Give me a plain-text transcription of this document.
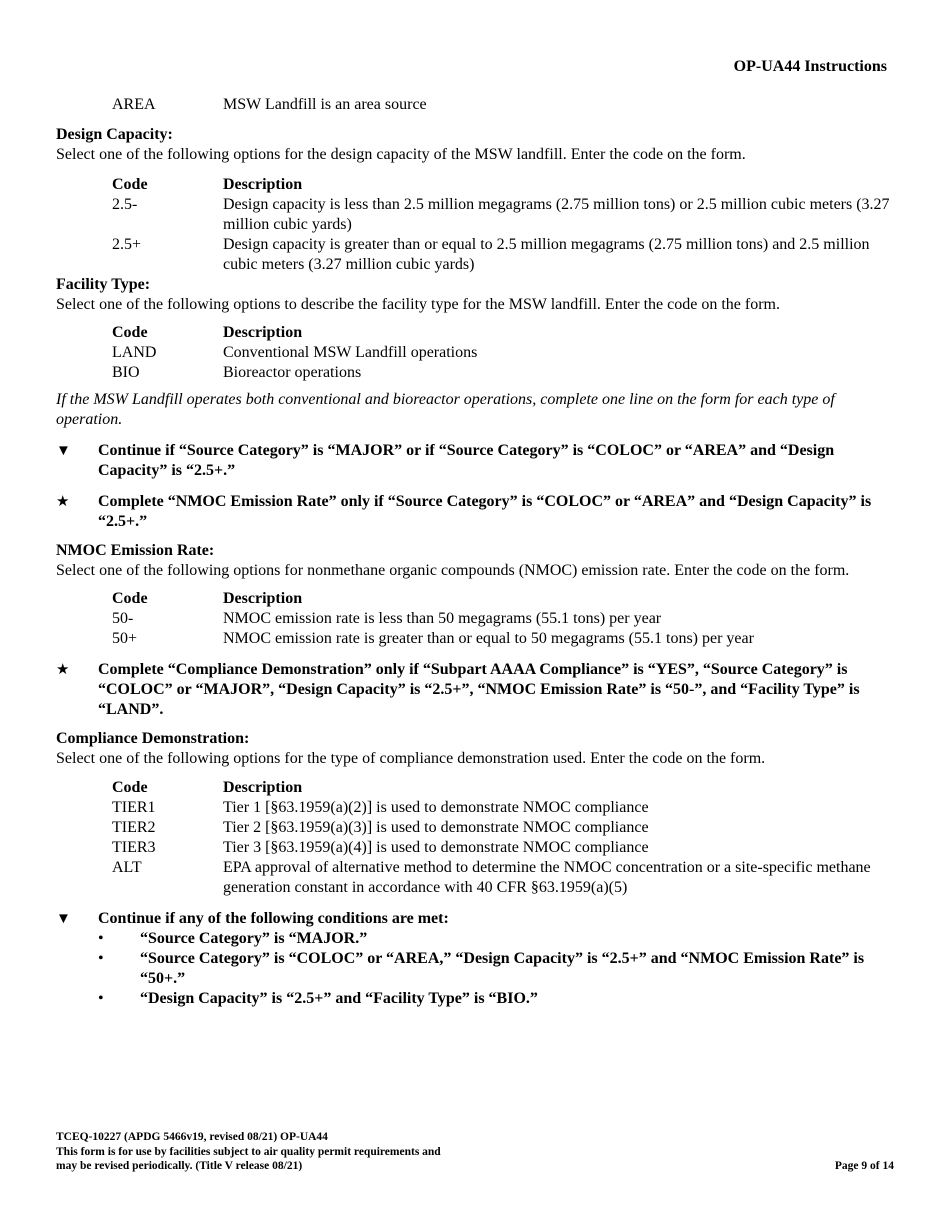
OP-UA44 Instructions
AREA	MSW Landfill is an area source
Design Capacity:

Select one of the following options for the design capacity of the MSW landfill. Enter the code on the form.

Code	Description
2.5-	Design capacity is less than 2.5 million megagrams (2.75 million tons) or 2.5 million cubic meters (3.27 million cubic yards)
2.5+	Design capacity is greater than or equal to 2.5 million megagrams (2.75 million tons) and 2.5 million cubic meters (3.27 million cubic yards)
Facility Type:

Select one of the following options to describe the facility type for the MSW landfill. Enter the code on the form.

Code	Description
LAND	Conventional MSW Landfill operations
BIO	Bioreactor operations

If the MSW Landfill operates both conventional and bioreactor operations, complete one line on the form for each type of operation.

▼	Continue if “Source Category” is “MAJOR” or if “Source Category” is “COLOC” or “AREA” and “Design Capacity” is “2.5+.”
★	Complete “NMOC Emission Rate” only if “Source Category” is “COLOC” or “AREA” and “Design Capacity” is “2.5+.”
NMOC Emission Rate:

Select one of the following options for nonmethane organic compounds (NMOC) emission rate. Enter the code on the form.

Code	Description
50-	NMOC emission rate is less than 50 megagrams (55.1 tons) per year
50+	NMOC emission rate is greater than or equal to 50 megagrams (55.1 tons) per year
★	Complete “Compliance Demonstration” only if “Subpart AAAA Compliance” is “YES”, “Source Category” is “COLOC” or “MAJOR”, “Design Capacity” is “2.5+”, “NMOC Emission Rate” is “50-”, and “Facility Type” is “LAND”.
Compliance Demonstration:

Select one of the following options for the type of compliance demonstration used. Enter the code on the form.

Code	Description
TIER1	Tier 1 [§63.1959(a)(2)] is used to demonstrate NMOC compliance
TIER2	Tier 2 [§63.1959(a)(3)] is used to demonstrate NMOC compliance
TIER3	Tier 3 [§63.1959(a)(4)] is used to demonstrate NMOC compliance
ALT	EPA approval of alternative method to determine the NMOC concentration or a site-specific methane generation constant in accordance with 40 CFR §63.1959(a)(5)
▼	Continue if any of the following conditions are met:
•	“Source Category” is “MAJOR.”
•	“Source Category” is “COLOC” or “AREA,” “Design Capacity” is “2.5+” and “NMOC Emission Rate” is “50+.”
•	“Design Capacity” is “2.5+” and “Facility Type” is “BIO.”
TCEQ-10227 (APDG 5466v19, revised 08/21) OP-UA44
This form is for use by facilities subject to air quality permit requirements and
may be revised periodically. (Title V release 08/21)	Page 9 of 14
